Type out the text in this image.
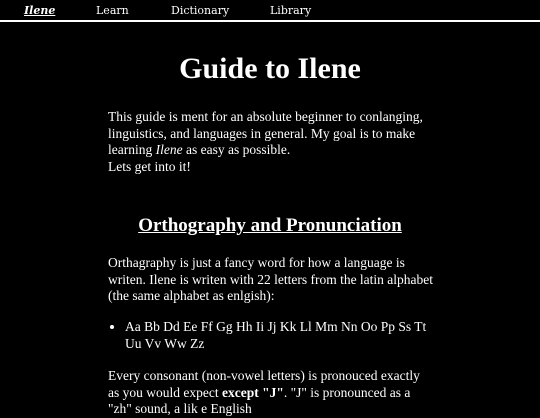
Ilene	Learn	Dictionary	Library
Guide to Ilene
This guide is ment for an absolute beginner to conlanging, linguistics, and languages in general. My goal is to make learning Ilene as easy as possible.
Lets get into it!
Orthography and Pronunciation

Orthagraphy is just a fancy word for how a language is writen. Ilene is writen with 22 letters from the latin alphabet (the same alphabet as enlgish):

• Aa Bb Dd Ee Ff Gg Hh Ii Jj Kk Ll Mm Nn Oo Pp Ss Tt Uu Vv Ww Zz

Every consonant (non-vowel letters) is pronouced exactly as you would expect except "J". "J" is pronounced as a "zh" sound, a lik e English
